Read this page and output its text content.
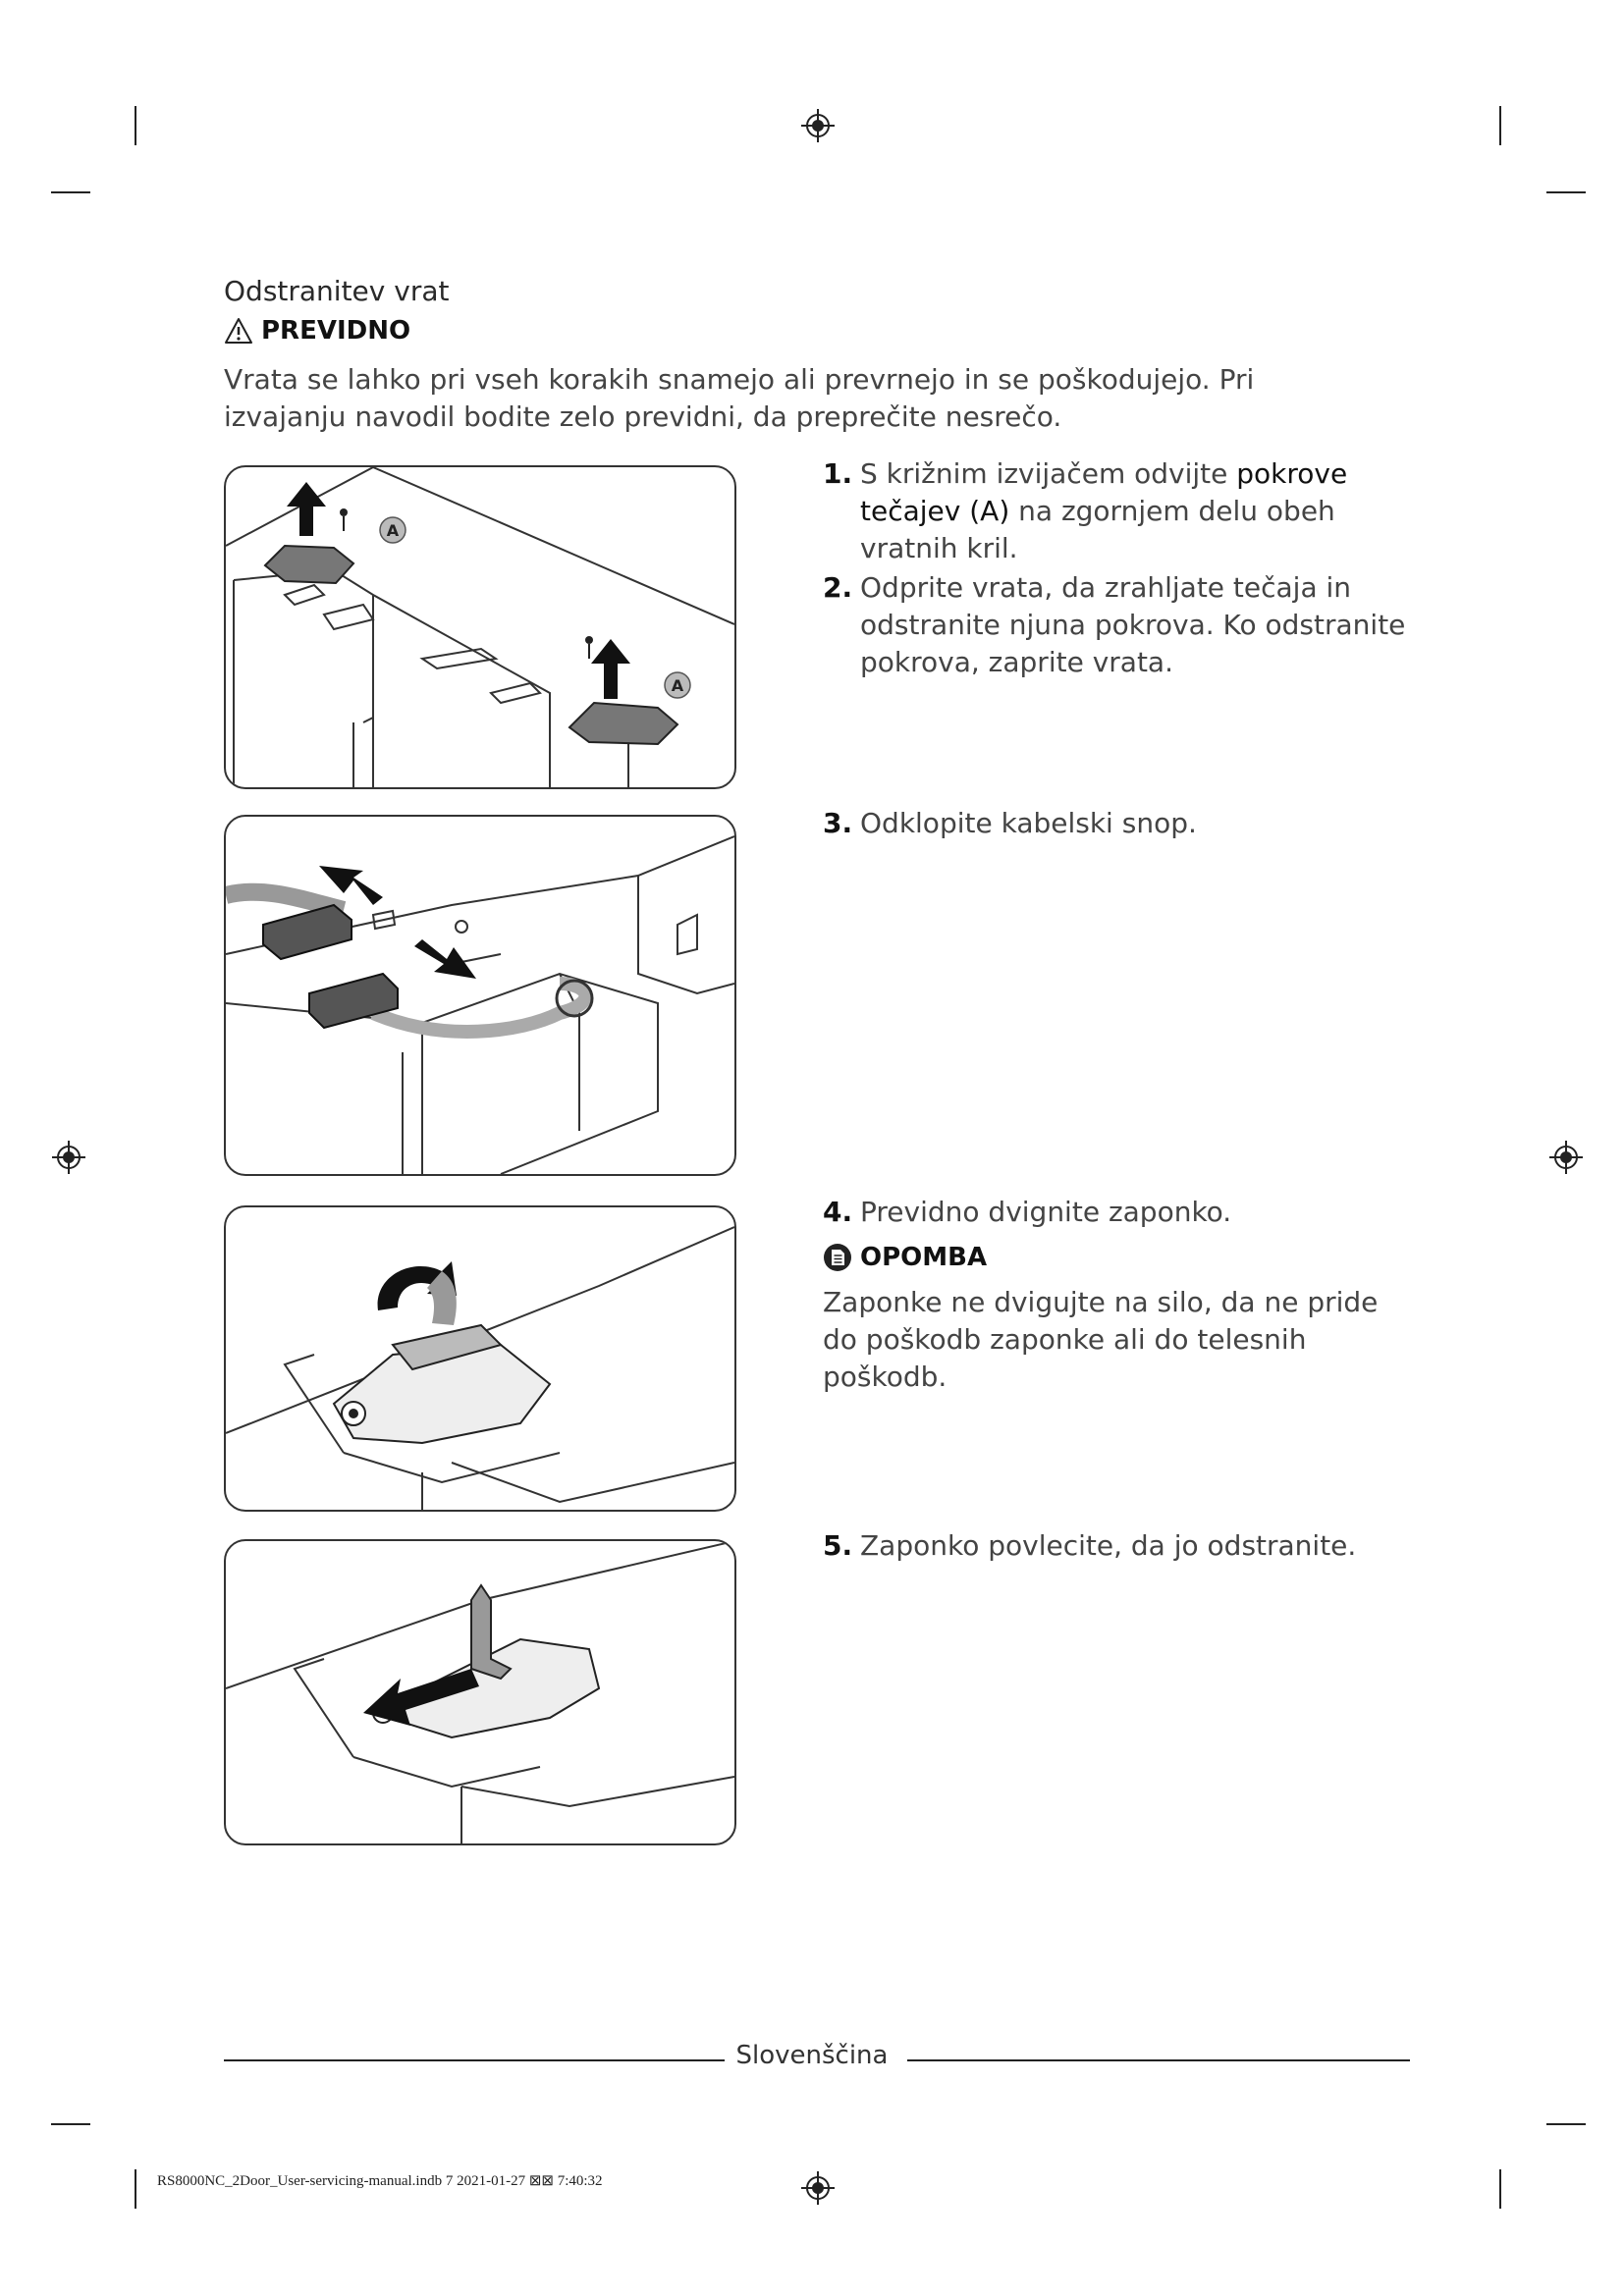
Odstranitev vrat
PREVIDNO
Vrata se lahko pri vseh korakih snamejo ali prevrnejo in se poškodujejo. Pri izvajanju navodil bodite zelo previdni, da preprečite nesrečo.
A
A
1. S križnim izvijačem odvijte pokrove tečajev (A) na zgornjem delu obeh vratnih kril.
2. Odprite vrata, da zrahljate tečaja in odstranite njuna pokrova. Ko odstranite pokrova, zaprite vrata.
3. Odklopite kabelski snop.
4. Previdno dvignite zaponko.
OPOMBA
Zaponke ne dvigujte na silo, da ne pride do poškodb zaponke ali do telesnih poškodb.
5. Zaponko povlecite, da jo odstranite.
Slovenščina
RS8000NC_2Door_User-servicing-manual.indb 7 2021-01-27 ⊠⊠ 7:40:32
